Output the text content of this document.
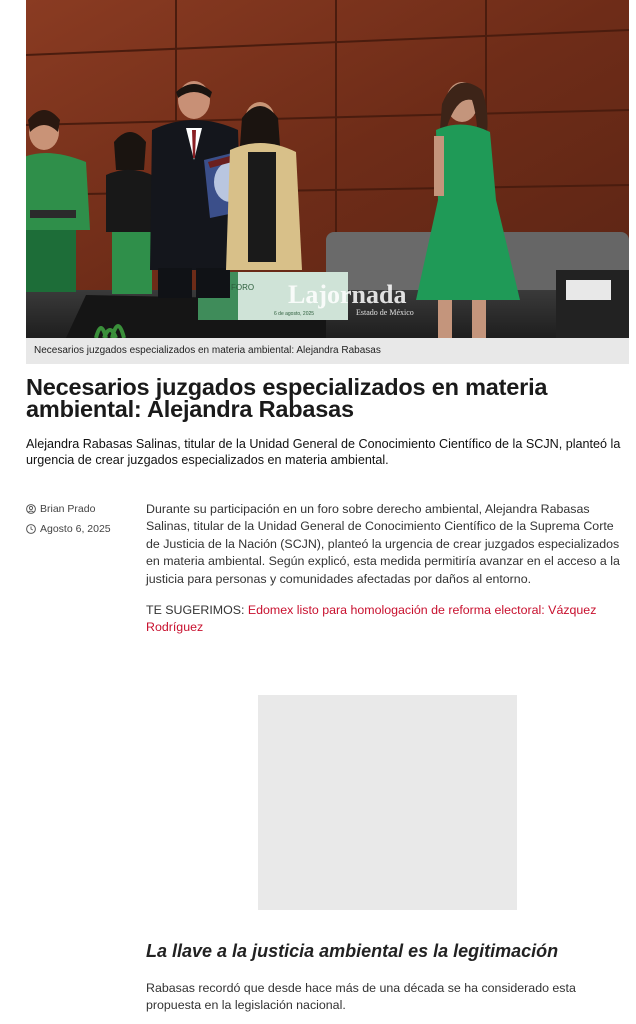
FORO
6 de agosto, 2025
Lajornada
Estado de México
Necesarios juzgados especializados en materia ambiental: Alejandra Rabasas
Necesarios juzgados especializados en materia ambiental: Alejandra Rabasas

Alejandra Rabasas Salinas, titular de la Unidad General de Conocimiento Científico de la SCJN, planteó la urgencia de crear juzgados especializados en materia ambiental.

Brian Prado
Agosto 6, 2025

Durante su participación en un foro sobre derecho ambiental, Alejandra Rabasas Salinas, titular de la Unidad General de Conocimiento Científico de la Suprema Corte de Justicia de la Nación (SCJN), planteó la urgencia de crear juzgados especializados en materia ambiental. Según explicó, esta medida permitiría avanzar en el acceso a la justicia para personas y comunidades afectadas por daños al entorno.

TE SUGERIMOS: Edomex listo para homologación de reforma electoral: Vázquez Rodríguez

La llave a la justicia ambiental es la legitimación

Rabasas recordó que desde hace más de una década se ha considerado esta propuesta en la legislación nacional.
